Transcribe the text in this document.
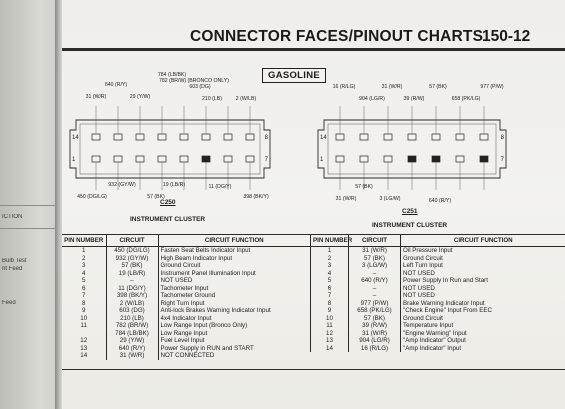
ICTION
Bulb Test
nt Feed
Feed
CONNECTOR FACES/PINOUT CHARTS
150-12
GASOLINE
14
1
8
7
31 (W/R)
640 (R/Y)
29 (Y/W)
784 (LB/BK)
782 (BR/W) (BRONCO ONLY)
603 (DG)
210 (LB)	2 (W/LB)
450 (DG/LG)
932 (GY/W)
57 (BK)
19 (LB/R)	11 (DG/Y)
398 (BK/Y)
14
1
8
7
16 (R/LG)
904 (LG/R)
31 (W/R)
39 (R/W)
57 (BK)
658 (PK/LG)
977 (P/W)
31 (W/R)
57 (BK)
3 (LG/W)	640 (R/Y)
C250
INSTRUMENT CLUSTER
C251
INSTRUMENT CLUSTER
PIN NUMBER	CIRCUIT	CIRCUIT FUNCTION
1	450 (DG/LG)	Fasten Seat Belts Indicator Input
2	932 (GY/W)	High Beam Indicator Input
3	57 (BK)	Ground Circuit
4	19 (LB/R)	Instrument Panel Illumination Input
5	–	NOT USED
6	11 (DG/Y)	Tachometer Input
7	398 (BK/Y)	Tachometer Ground
8	2 (W/LB)	Right Turn Input
9	603 (DG)	Anti-lock Brakes Warning Indicator Input
10	210 (LB)	4x4 Indicator Input
11	782 (BR/W)	Low Range Input (Bronco Only)
	784 (LB/BK)	Low Range Input
12	29 (Y/W)	Fuel Level Input
13	640 (R/Y)	Power Supply in RUN and START
14	31 (W/R)	NOT CONNECTED
PIN NUMBER	CIRCUIT	CIRCUIT FUNCTION
1	31 (W/R)	Oil Pressure Input
2	57 (BK)	Ground Circuit
3	3 (LG/W)	Left Turn Input
4	–	NOT USED
5	640 (R/Y)	Power Supply In Run and Start
6	–	NOT USED
7	–	NOT USED
8	977 (P/W)	Brake Warning Indicator Input
9	658 (PK/LG)	"Check Engine" Input From EEC
10	57 (BK)	Ground Circuit
11	39 (R/W)	Temperature Input
12	31 (W/R)	"Engine Warning" Input
13	904 (LG/R)	"Amp Indicator" Output
14	16 (R/LG)	"Amp Indicator" Input
